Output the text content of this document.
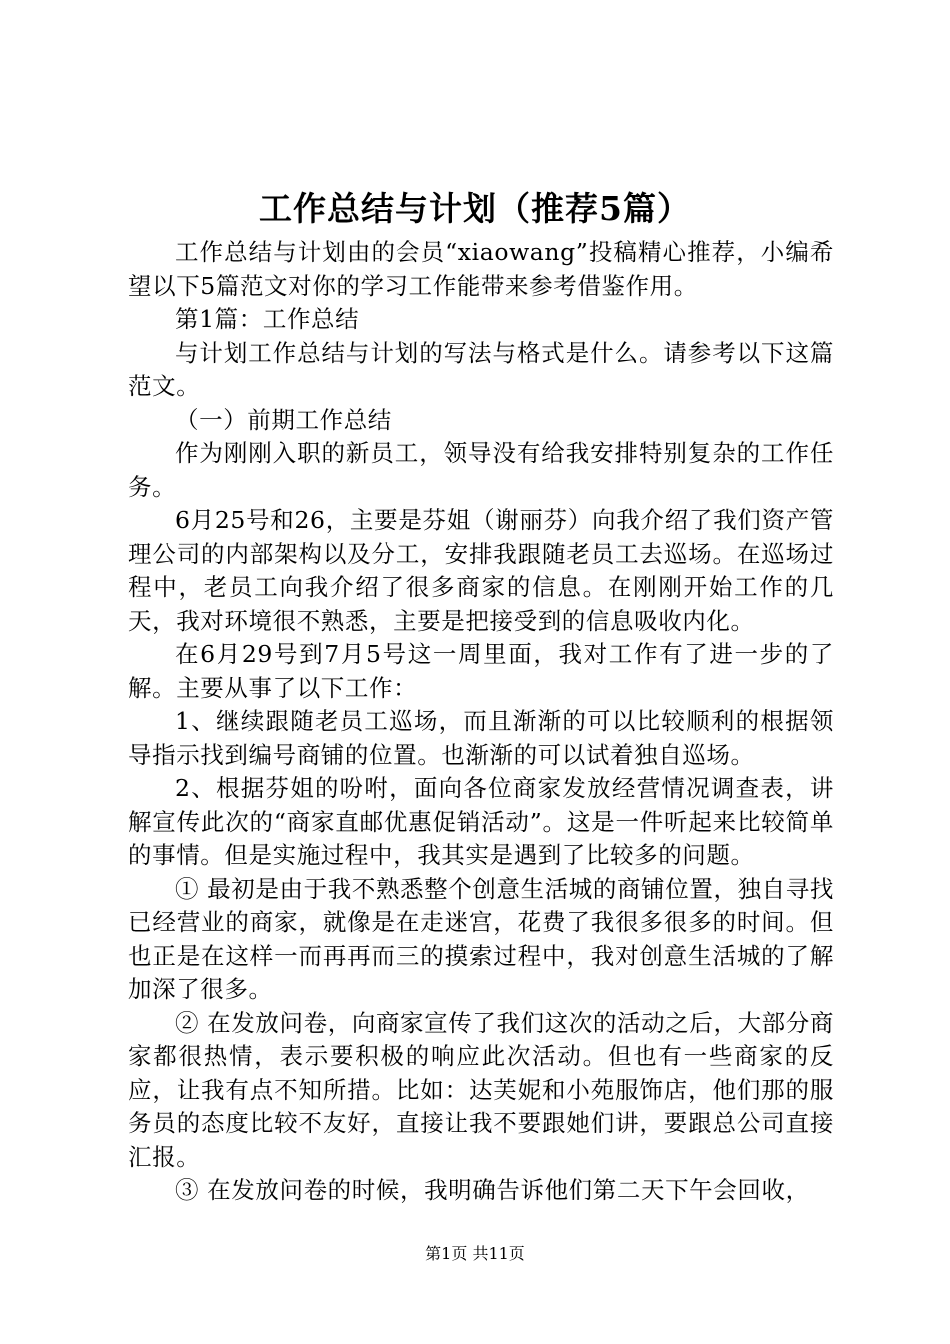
工作总结与计划（推荐5篇）

工作总结与计划由的会员“xiaowang”投稿精心推荐，小编希望以下5篇范文对你的学习工作能带来参考借鉴作用。

第1篇：工作总结

与计划工作总结与计划的写法与格式是什么。请参考以下这篇范文。

（一）前期工作总结

作为刚刚入职的新员工，领导没有给我安排特别复杂的工作任务。

6月25号和26，主要是芬姐（谢丽芬）向我介绍了我们资产管理公司的内部架构以及分工，安排我跟随老员工去巡场。在巡场过程中，老员工向我介绍了很多商家的信息。在刚刚开始工作的几天，我对环境很不熟悉，主要是把接受到的信息吸收内化。

在6月29号到7月5号这一周里面，我对工作有了进一步的了解。主要从事了以下工作：

1、继续跟随老员工巡场，而且渐渐的可以比较顺利的根据领导指示找到编号商铺的位置。也渐渐的可以试着独自巡场。

2、根据芬姐的吩咐，面向各位商家发放经营情况调查表，讲解宣传此次的“商家直邮优惠促销活动”。这是一件听起来比较简单的事情。但是实施过程中，我其实是遇到了比较多的问题。

① 最初是由于我不熟悉整个创意生活城的商铺位置，独自寻找已经营业的商家，就像是在走迷宫，花费了我很多很多的时间。但也正是在这样一而再再而三的摸索过程中，我对创意生活城的了解加深了很多。

② 在发放问卷，向商家宣传了我们这次的活动之后，大部分商家都很热情，表示要积极的响应此次活动。但也有一些商家的反应，让我有点不知所措。比如：达芙妮和小苑服饰店，他们那的服务员的态度比较不友好，直接让我不要跟她们讲，要跟总公司直接汇报。

③ 在发放问卷的时候，我明确告诉他们第二天下午会回收，

第1页 共11页
